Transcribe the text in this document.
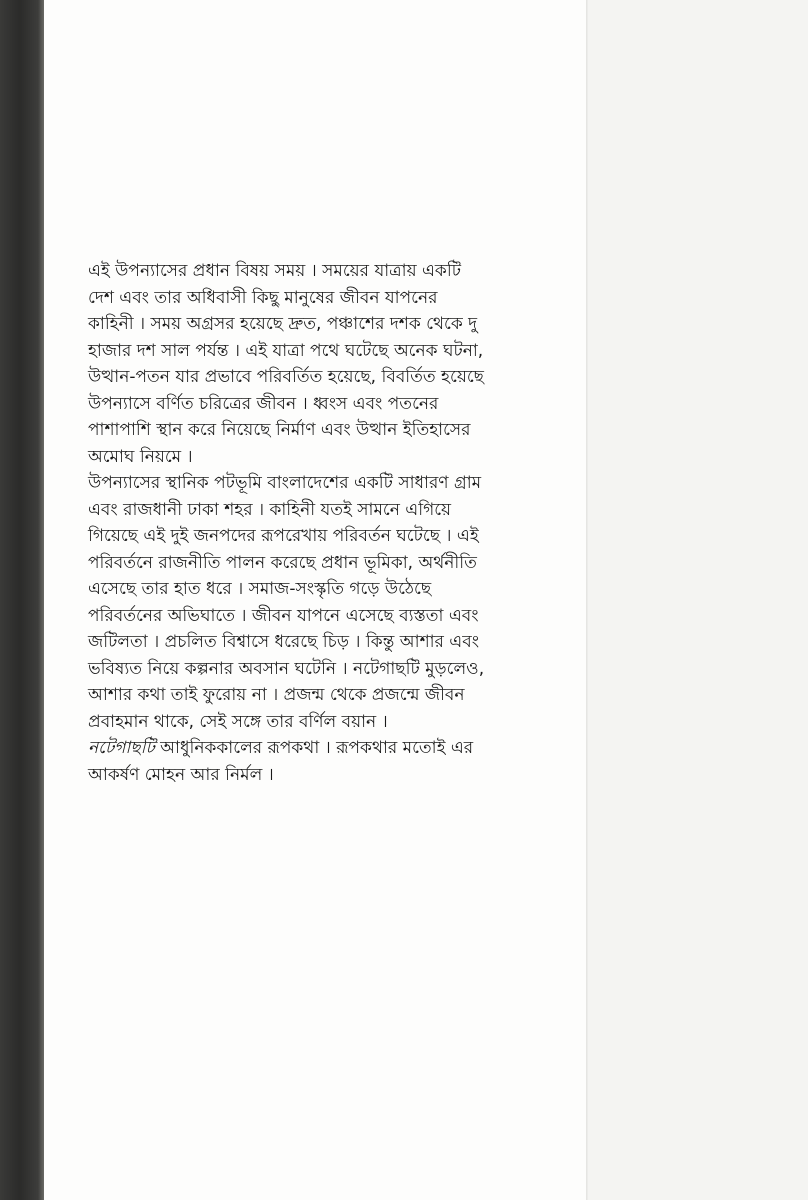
এই উপন্যাসের প্রধান বিষয় সময় । সময়ের যাত্রায় একটি
দেশ এবং তার অধিবাসী কিছু মানুষের জীবন যাপনের
কাহিনী । সময় অগ্রসর হয়েছে দ্রুত, পঞ্চাশের দশক থেকে দু
হাজার দশ সাল পর্যন্ত । এই যাত্রা পথে ঘটেছে অনেক ঘটনা,
উত্থান-পতন যার প্রভাবে পরিবর্তিত হয়েছে, বিবর্তিত হয়েছে
উপন্যাসে বর্ণিত চরিত্রের জীবন । ধ্বংস এবং পতনের
পাশাপাশি স্থান করে নিয়েছে নির্মাণ এবং উত্থান ইতিহাসের
অমোঘ নিয়মে ।
উপন্যাসের স্থানিক পটভূমি বাংলাদেশের একটি সাধারণ গ্রাম
এবং রাজধানী ঢাকা শহর । কাহিনী যতই সামনে এগিয়ে
গিয়েছে এই দুই জনপদের রূপরেখায় পরিবর্তন ঘটেছে । এই
পরিবর্তনে রাজনীতি পালন করেছে প্রধান ভূমিকা, অর্থনীতি
এসেছে তার হাত ধরে । সমাজ-সংস্কৃতি গড়ে উঠেছে
পরিবর্তনের অভিঘাতে । জীবন যাপনে এসেছে ব্যস্ততা এবং
জটিলতা । প্রচলিত বিশ্বাসে ধরেছে চিড় । কিন্তু আশার এবং
ভবিষ্যত নিয়ে কল্পনার অবসান ঘটেনি । নটেগাছটি মুড়লেও,
আশার কথা তাই ফুরোয় না । প্রজন্ম থেকে প্রজন্মে জীবন
প্রবাহমান থাকে, সেই সঙ্গে তার বর্ণিল বয়ান ।
নটেগাছটি আধুনিককালের রূপকথা । রূপকথার মতোই এর
আকর্ষণ মোহন আর নির্মল ।
